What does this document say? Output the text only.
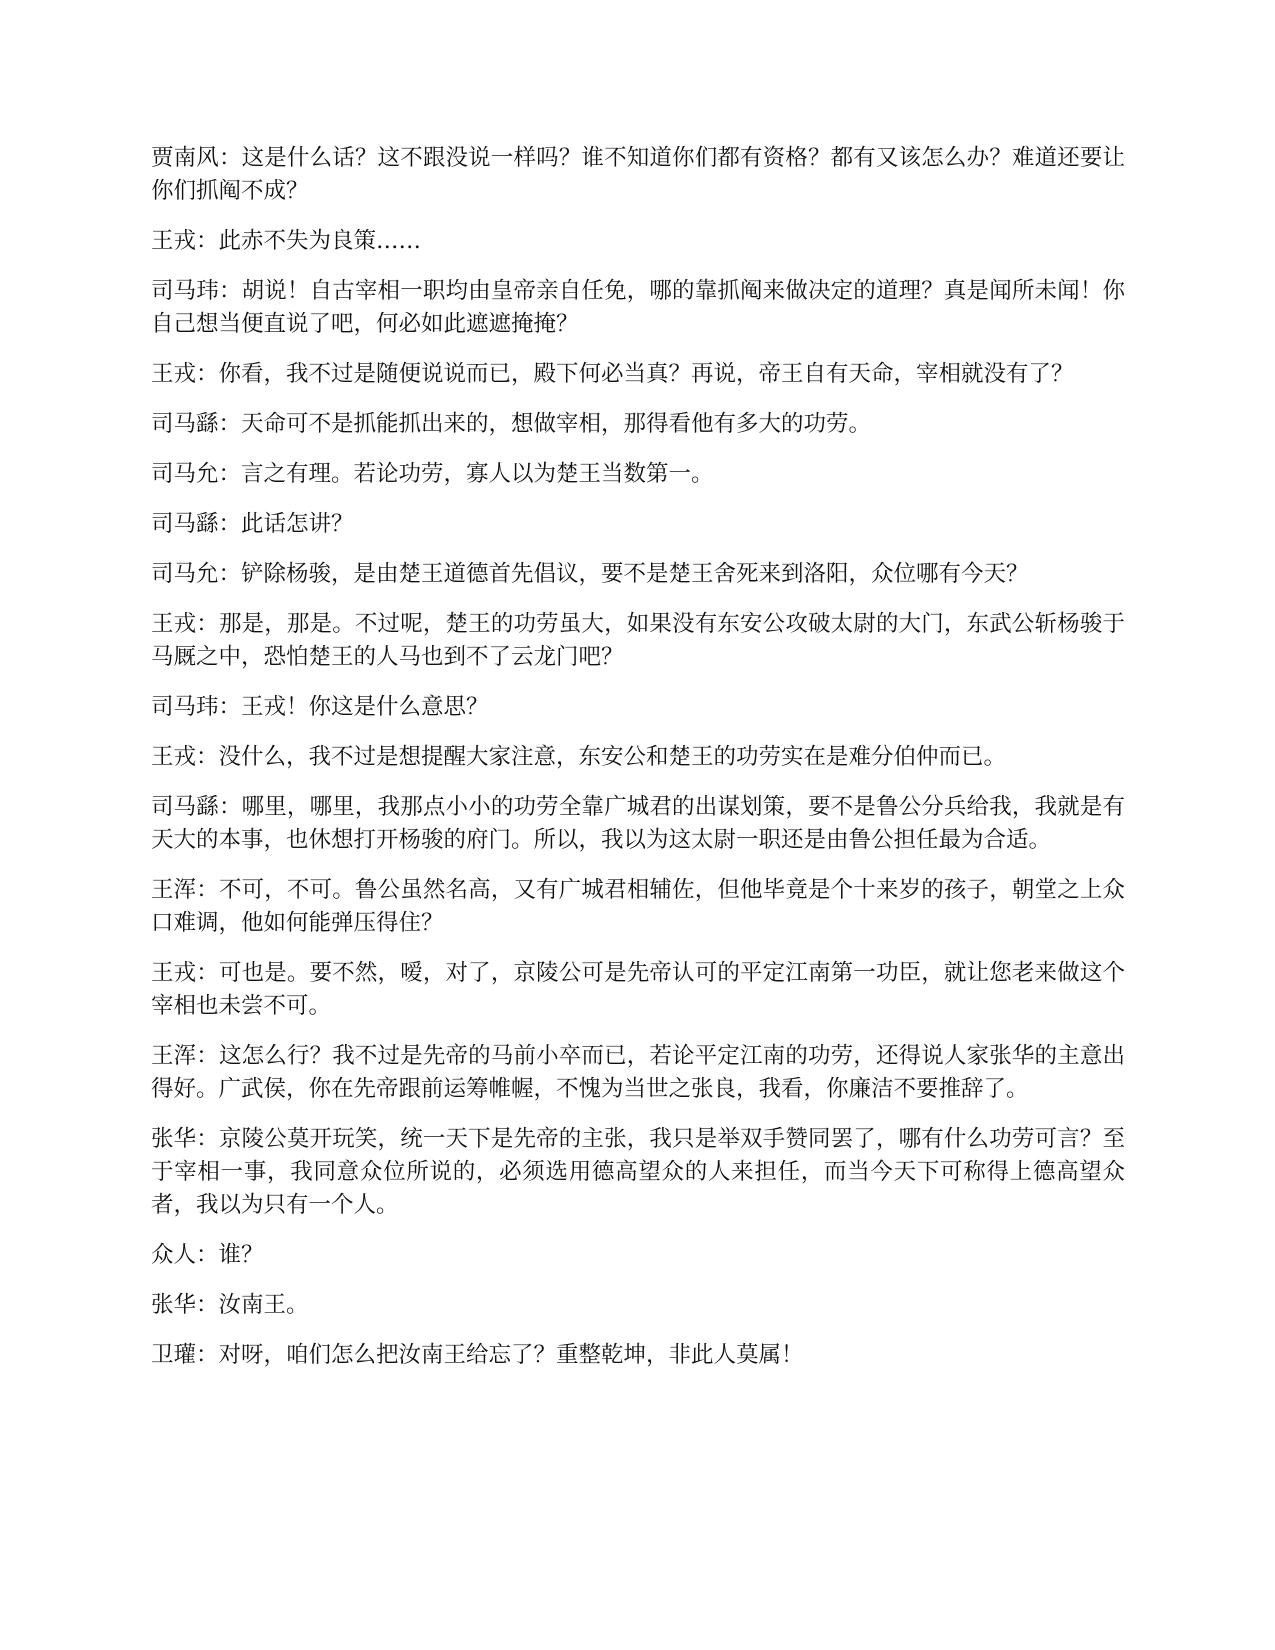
贾南风：这是什么话？这不跟没说一样吗？谁不知道你们都有资格？都有又该怎么办？难道还要让你们抓阄不成？

王戎：此赤不失为良策……

司马玮：胡说！自古宰相一职均由皇帝亲自任免，哪的靠抓阄来做决定的道理？真是闻所未闻！你自己想当便直说了吧，何必如此遮遮掩掩？

王戎：你看，我不过是随便说说而已，殿下何必当真？再说，帝王自有天命，宰相就没有了？

司马繇：天命可不是抓能抓出来的，想做宰相，那得看他有多大的功劳。

司马允：言之有理。若论功劳，寡人以为楚王当数第一。

司马繇：此话怎讲？

司马允：铲除杨骏，是由楚王道德首先倡议，要不是楚王舍死来到洛阳，众位哪有今天？

王戎：那是，那是。不过呢，楚王的功劳虽大，如果没有东安公攻破太尉的大门，东武公斩杨骏于马厩之中，恐怕楚王的人马也到不了云龙门吧？

司马玮：王戎！你这是什么意思？

王戎：没什么，我不过是想提醒大家注意，东安公和楚王的功劳实在是难分伯仲而已。

司马繇：哪里，哪里，我那点小小的功劳全靠广城君的出谋划策，要不是鲁公分兵给我，我就是有天大的本事，也休想打开杨骏的府门。所以，我以为这太尉一职还是由鲁公担任最为合适。

王浑：不可，不可。鲁公虽然名高，又有广城君相辅佐，但他毕竟是个十来岁的孩子，朝堂之上众口难调，他如何能弹压得住？

王戎：可也是。要不然，嗳，对了，京陵公可是先帝认可的平定江南第一功臣，就让您老来做这个宰相也未尝不可。

王浑：这怎么行？我不过是先帝的马前小卒而已，若论平定江南的功劳，还得说人家张华的主意出得好。广武侯，你在先帝跟前运筹帷幄，不愧为当世之张良，我看，你廉洁不要推辞了。

张华：京陵公莫开玩笑，统一天下是先帝的主张，我只是举双手赞同罢了，哪有什么功劳可言？至于宰相一事，我同意众位所说的，必须选用德高望众的人来担任，而当今天下可称得上德高望众者，我以为只有一个人。

众人：谁？

张华：汝南王。

卫瓘：对呀，咱们怎么把汝南王给忘了？重整乾坤，非此人莫属！
